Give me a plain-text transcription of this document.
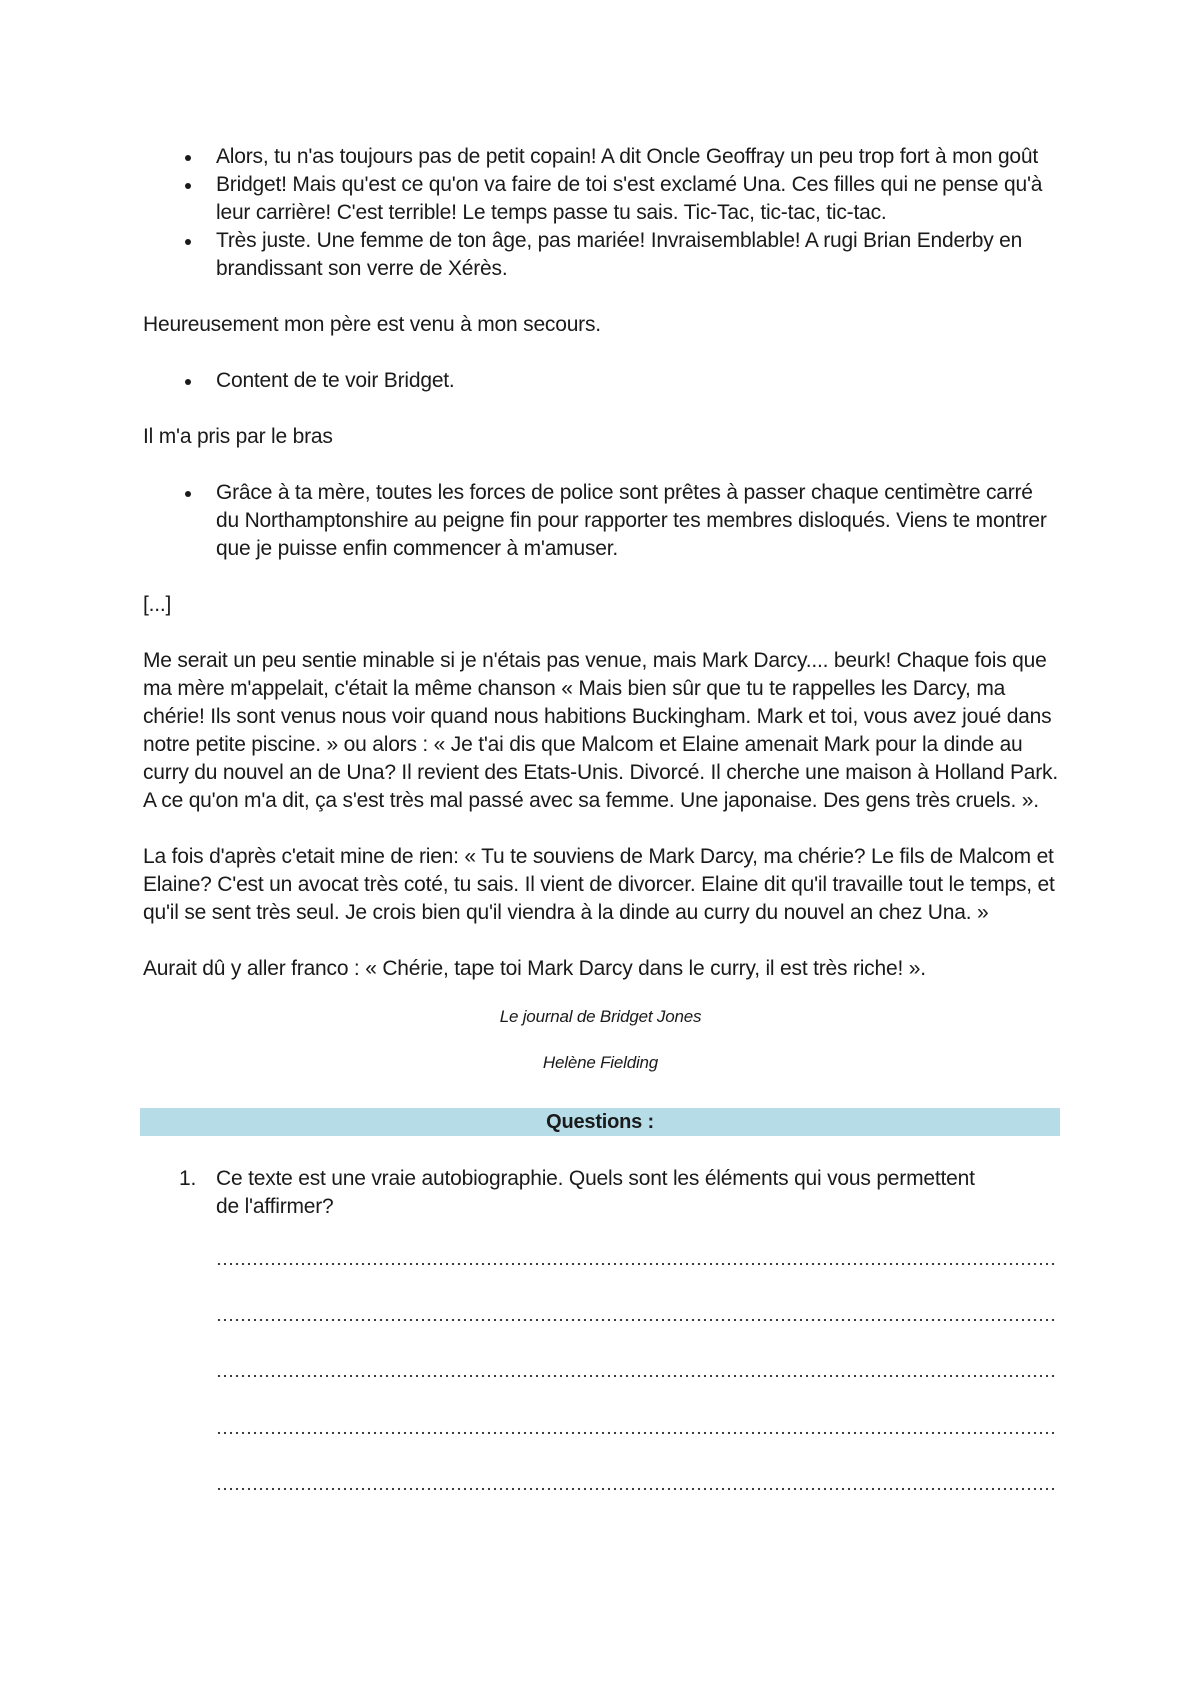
Alors, tu n'as toujours pas de petit copain! A dit Oncle Geoffray un peu trop fort à mon goût
Bridget! Mais qu'est ce qu'on va faire de toi s'est exclamé Una. Ces filles qui ne pense qu'à leur carrière! C'est terrible! Le temps passe tu sais. Tic-Tac, tic-tac, tic-tac.
Très juste. Une femme de ton âge, pas mariée! Invraisemblable! A rugi Brian Enderby en brandissant son verre de Xérès.

Heureusement mon père est venu à mon secours.

Content de te voir Bridget.

Il m'a pris par le bras

Grâce à ta mère, toutes les forces de police sont prêtes à passer chaque centimètre carré du Northamptonshire au peigne fin pour rapporter tes membres disloqués. Viens te montrer que je puisse enfin commencer à m'amuser.

[...]

Me serait un peu sentie minable si je n'étais pas venue, mais Mark Darcy.... beurk! Chaque fois que ma mère m'appelait, c'était la même chanson « Mais bien sûr que tu te rappelles les Darcy, ma chérie! Ils sont venus nous voir quand nous habitions Buckingham. Mark et toi, vous avez joué dans notre petite piscine. » ou alors : « Je t'ai dis que Malcom et Elaine amenait Mark pour la dinde au curry du nouvel an de Una? Il revient des Etats-Unis. Divorcé. Il cherche une maison à Holland Park. A ce qu'on m'a dit, ça s'est très mal passé avec sa femme. Une japonaise. Des gens très cruels. ».

La fois d'après c'etait mine de rien: « Tu te souviens de Mark Darcy, ma chérie? Le fils de Malcom et Elaine? C'est un avocat très coté, tu sais. Il vient de divorcer. Elaine dit qu'il travaille tout le temps, et qu'il se sent très seul. Je crois bien qu'il viendra à la dinde au curry du nouvel an chez Una. »

Aurait dû y aller franco : « Chérie, tape toi Mark Darcy dans le curry, il est très riche! ».

Le journal de Bridget Jones

Helène Fielding

Questions :
1. Ce texte est une vraie autobiographie. Quels sont les éléments qui vous permettent de l'affirmer?
